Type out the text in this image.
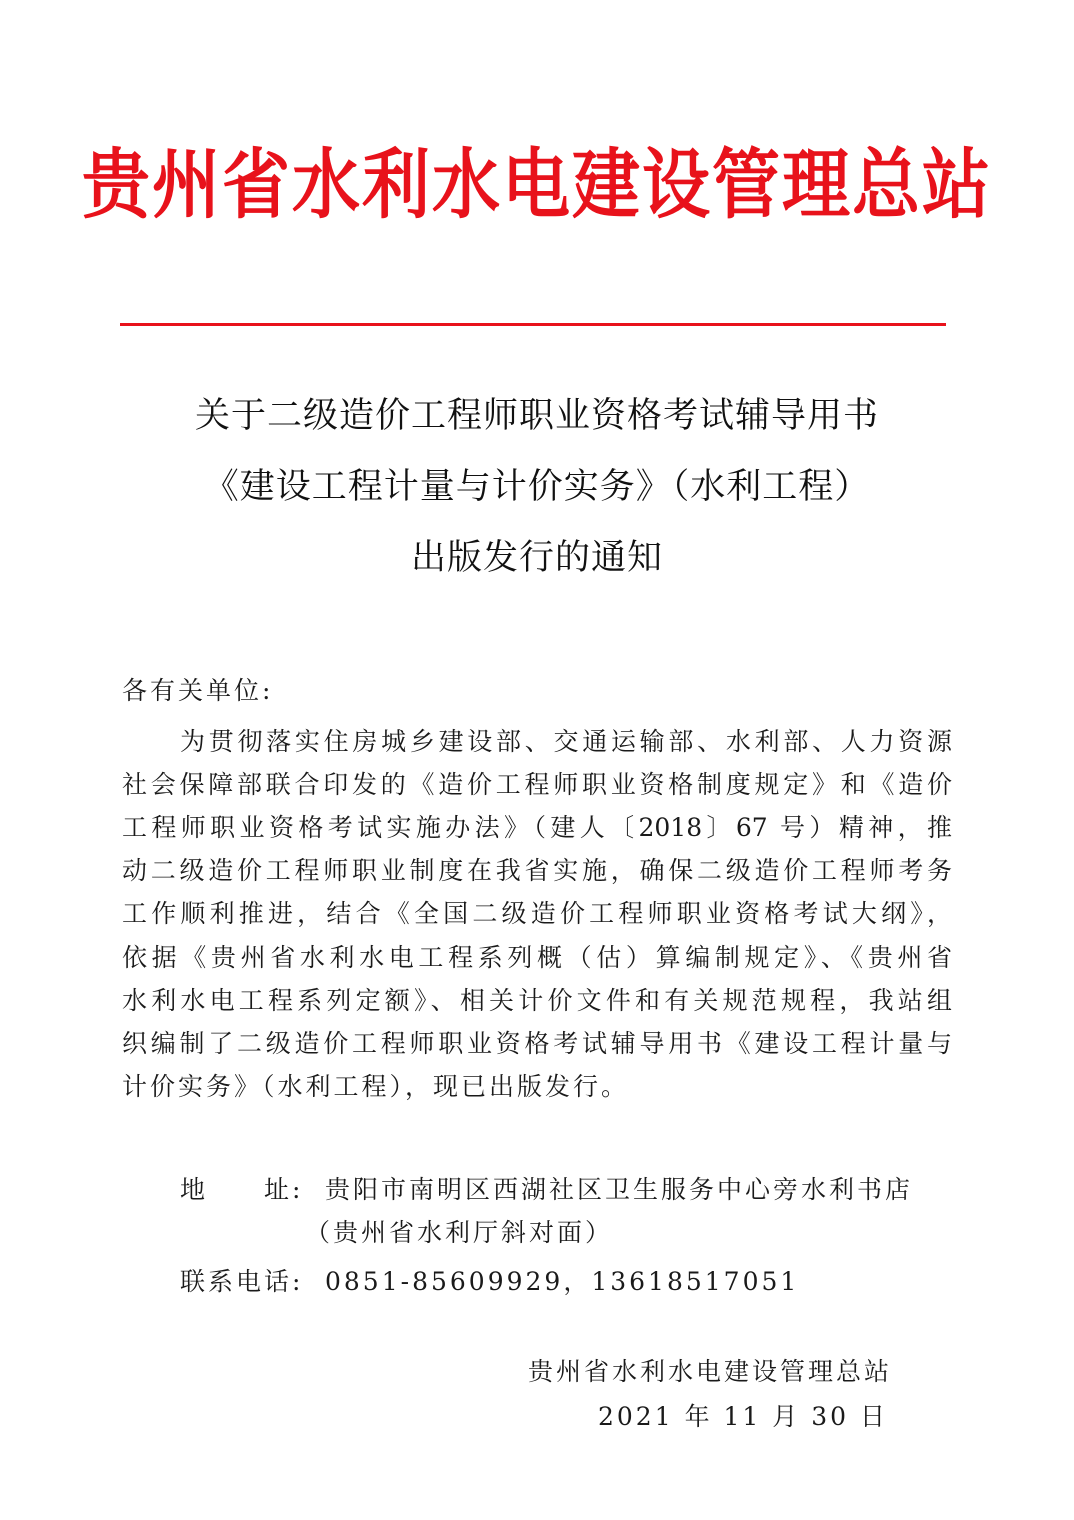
贵州省水利水电建设管理总站
关于二级造价工程师职业资格考试辅导用书
《建设工程计量与计价实务》（水利工程）
出版发行的通知
各有关单位:
为贯彻落实住房城乡建设部、交通运输部、水利部、人力资源
社会保障部联合印发的《造价工程师职业资格制度规定》和《造价
工程师职业资格考试实施办法》（建人〔2018〕67 号）精神，推
动二级造价工程师职业制度在我省实施，确保二级造价工程师考务
工作顺利推进，结合《全国二级造价工程师职业资格考试大纲》，
依据《贵州省水利水电工程系列概（估）算编制规定》、《贵州省
水利水电工程系列定额》、相关计价文件和有关规范规程，我站组
织编制了二级造价工程师职业资格考试辅导用书《建设工程计量与
计价实务》（水利工程），现已出版发行。
地　　址: 贵阳市南明区西湖社区卫生服务中心旁水利书店
（贵州省水利厅斜对面）
联系电话: 0851-85609929，13618517051
贵州省水利水电建设管理总站
2021 年 11 月 30 日
